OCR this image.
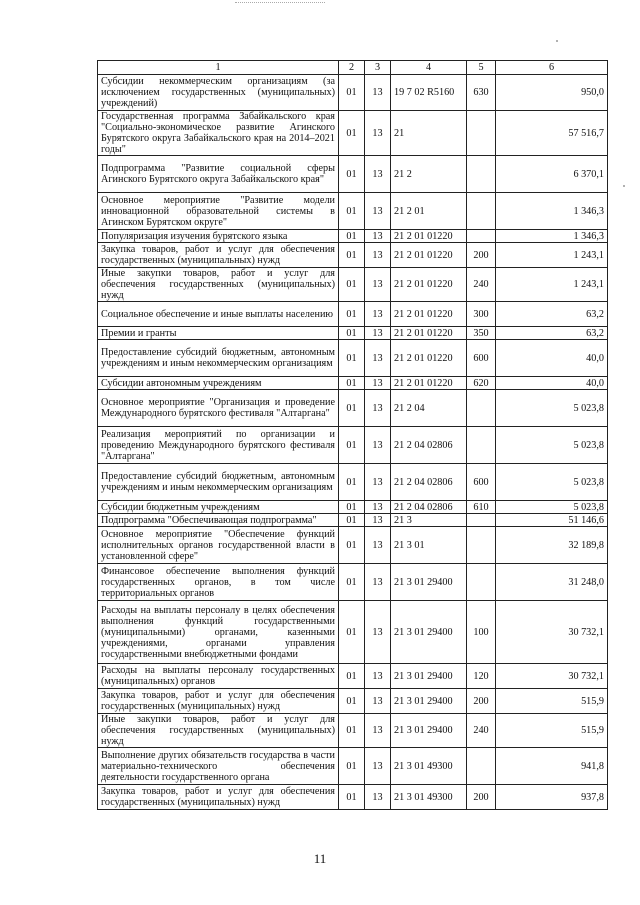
1	2	3	4	5	6
Субсидии некоммерческим организациям (за исключением государственных (муниципальных) учреждений)	01	13	19 7 02 R5160	630	950,0
Государственная программа Забайкальского края "Социально-экономическое развитие Агинского Бурятского округа Забайкальского края на 2014–2021 годы"	01	13	21		57 516,7
Подпрограмма "Развитие социальной сферы Агинского Бурятского округа Забайкальского края"	01	13	21 2		6 370,1
Основное мероприятие "Развитие модели инновационной образовательной системы в Агинском Бурятском округе"	01	13	21 2 01		1 346,3
Популяризация изучения бурятского языка	01	13	21 2 01 01220		1 346,3
Закупка товаров, работ и услуг для обеспечения государственных (муниципальных) нужд	01	13	21 2 01 01220	200	1 243,1
Иные закупки товаров, работ и услуг для обеспечения государственных (муниципальных) нужд	01	13	21 2 01 01220	240	1 243,1
Социальное обеспечение и иные выплаты населению	01	13	21 2 01 01220	300	63,2
Премии и гранты	01	13	21 2 01 01220	350	63,2
Предоставление субсидий бюджетным, автономным учреждениям и иным некоммерческим организациям	01	13	21 2 01 01220	600	40,0
Субсидии автономным учреждениям	01	13	21 2 01 01220	620	40,0
Основное мероприятие "Организация и проведение Международного бурятского фестиваля "Алтаргана"	01	13	21 2 04		5 023,8
Реализация мероприятий по организации и проведению Международного бурятского фестиваля "Алтаргана"	01	13	21 2 04 02806		5 023,8
Предоставление субсидий бюджетным, автономным учреждениям и иным некоммерческим организациям	01	13	21 2 04 02806	600	5 023,8
Субсидии бюджетным учреждениям	01	13	21 2 04 02806	610	5 023,8
Подпрограмма "Обеспечивающая подпрограмма"	01	13	21 3		51 146,6
Основное мероприятие "Обеспечение функций исполнительных органов государственной власти в установленной сфере"	01	13	21 3 01		32 189,8
Финансовое обеспечение выполнения функций государственных органов, в том числе территориальных органов	01	13	21 3 01 29400		31 248,0
Расходы на выплаты персоналу в целях обеспечения выполнения функций государственными (муниципальными) органами, казенными учреждениями, органами управления государственными внебюджетными фондами	01	13	21 3 01 29400	100	30 732,1
Расходы на выплаты персоналу государственных (муниципальных) органов	01	13	21 3 01 29400	120	30 732,1
Закупка товаров, работ и услуг для обеспечения государственных (муниципальных) нужд	01	13	21 3 01 29400	200	515,9
Иные закупки товаров, работ и услуг для обеспечения государственных (муниципальных) нужд	01	13	21 3 01 29400	240	515,9
Выполнение других обязательств государства в части материально-технического обеспечения деятельности государственного органа	01	13	21 3 01 49300		941,8
Закупка товаров, работ и услуг для обеспечения государственных (муниципальных) нужд	01	13	21 3 01 49300	200	937,8
11
